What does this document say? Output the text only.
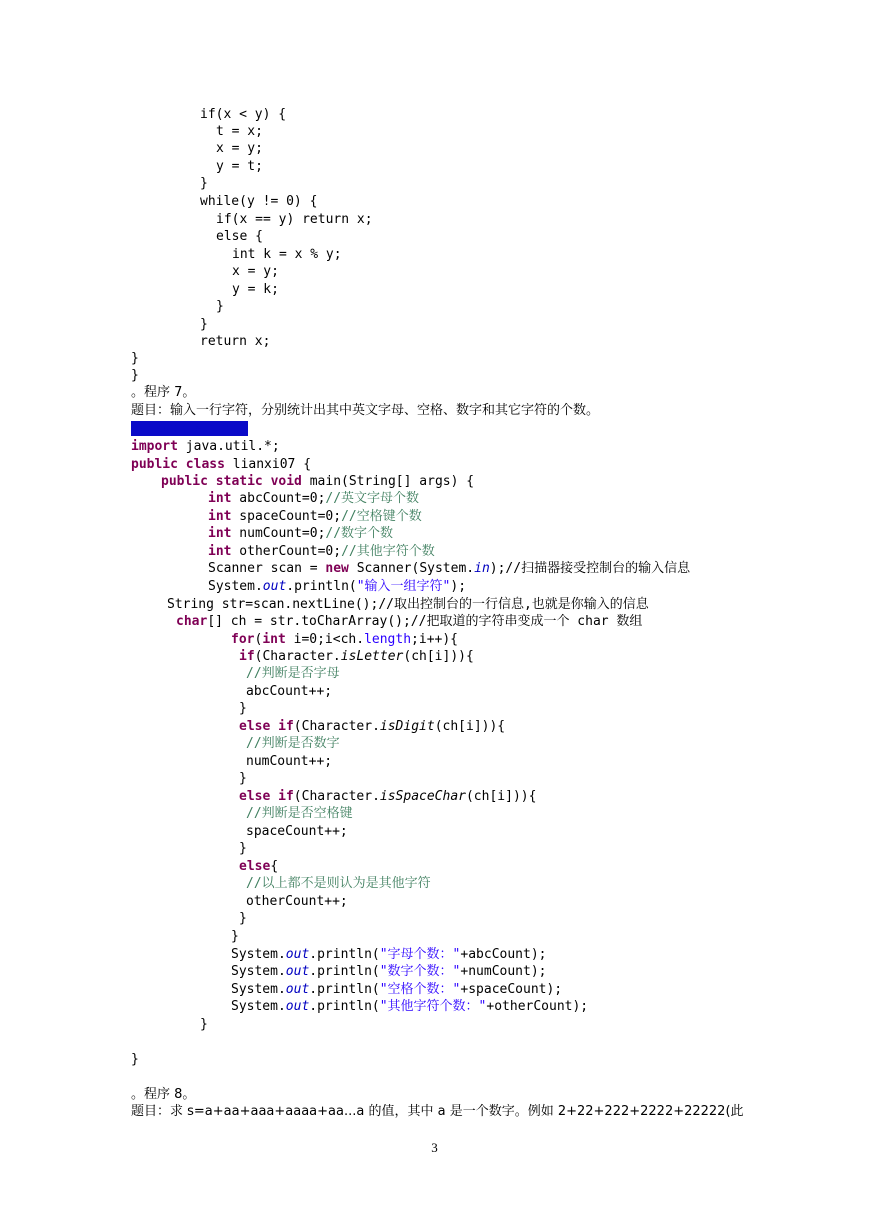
if(x < y) {
t = x;
x = y;
y = t;
}
while(y != 0) {
if(x == y) return x;
else {
int k = x % y;
x = y;
y = k;
}
}
return x;
}
}
。程序 7。
题目：输入一行字符，分别统计出其中英文字母、空格、数字和其它字符的个数。
package Wutong;
import java.util.*;
public class lianxi07 {
public static void main(String[] args) {
int abcCount=0;//英文字母个数
int spaceCount=0;//空格键个数
int numCount=0;//数字个数
int otherCount=0;//其他字符个数
Scanner scan = new Scanner(System.in);//扫描器接受控制台的输入信息
System.out.println("输入一组字符");
String str=scan.nextLine();//取出控制台的一行信息,也就是你输入的信息
char[] ch = str.toCharArray();//把取道的字符串变成一个 char 数组
for(int i=0;i<ch.length;i++){
if(Character.isLetter(ch[i])){
//判断是否字母
abcCount++;
}
else if(Character.isDigit(ch[i])){
//判断是否数字
numCount++;
}
else if(Character.isSpaceChar(ch[i])){
//判断是否空格键
spaceCount++;
}
else{
//以上都不是则认为是其他字符
otherCount++;
}
}
System.out.println("字母个数："+abcCount);
System.out.println("数字个数："+numCount);
System.out.println("空格个数："+spaceCount);
System.out.println("其他字符个数："+otherCount);
}
}
。程序 8。
题目：求 s=a+aa+aaa+aaaa+aa...a 的值，其中 a 是一个数字。例如 2+22+222+2222+22222(此
3
